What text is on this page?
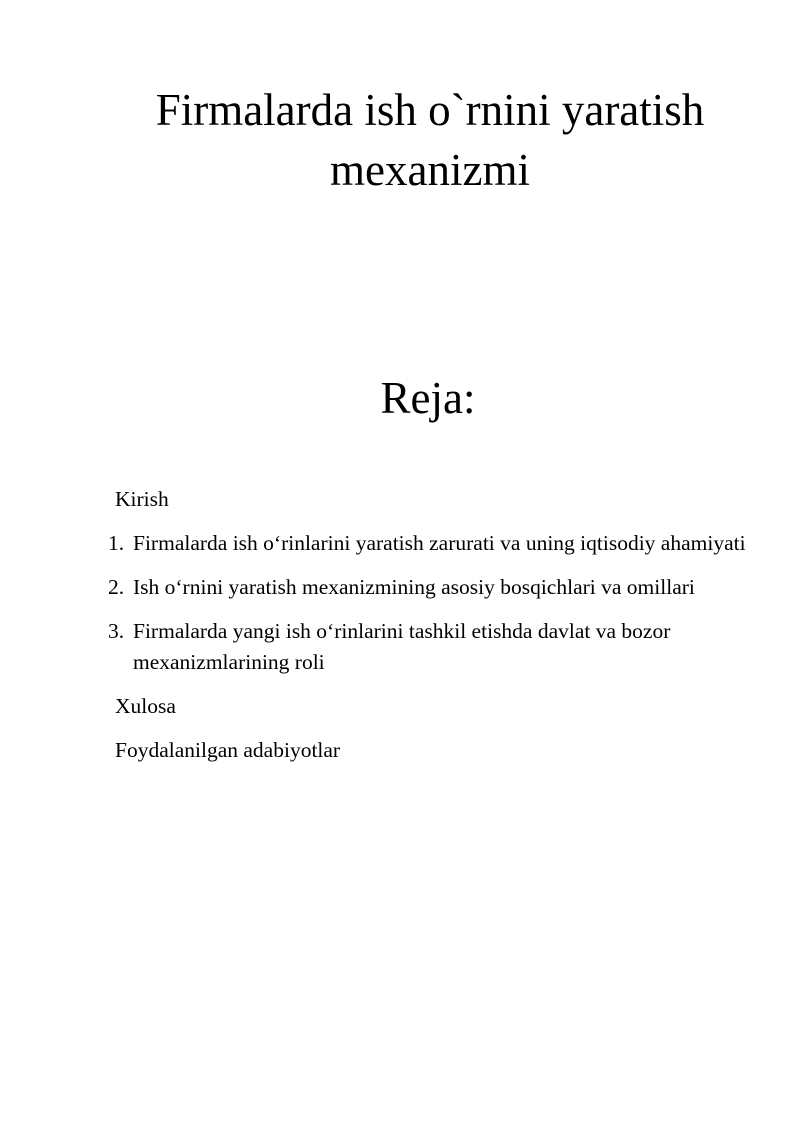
Firmalarda ish o`rnini yaratish mexanizmi
Reja:

Kirish

1. Firmalarda ish o‘rinlarini yaratish zarurati va uning iqtisodiy ahamiyati
2. Ish o‘rnini yaratish mexanizmining asosiy bosqichlari va omillari
3. Firmalarda yangi ish o‘rinlarini tashkil etishda davlat va bozor mexanizmlarining roli

Xulosa

Foydalanilgan adabiyotlar
